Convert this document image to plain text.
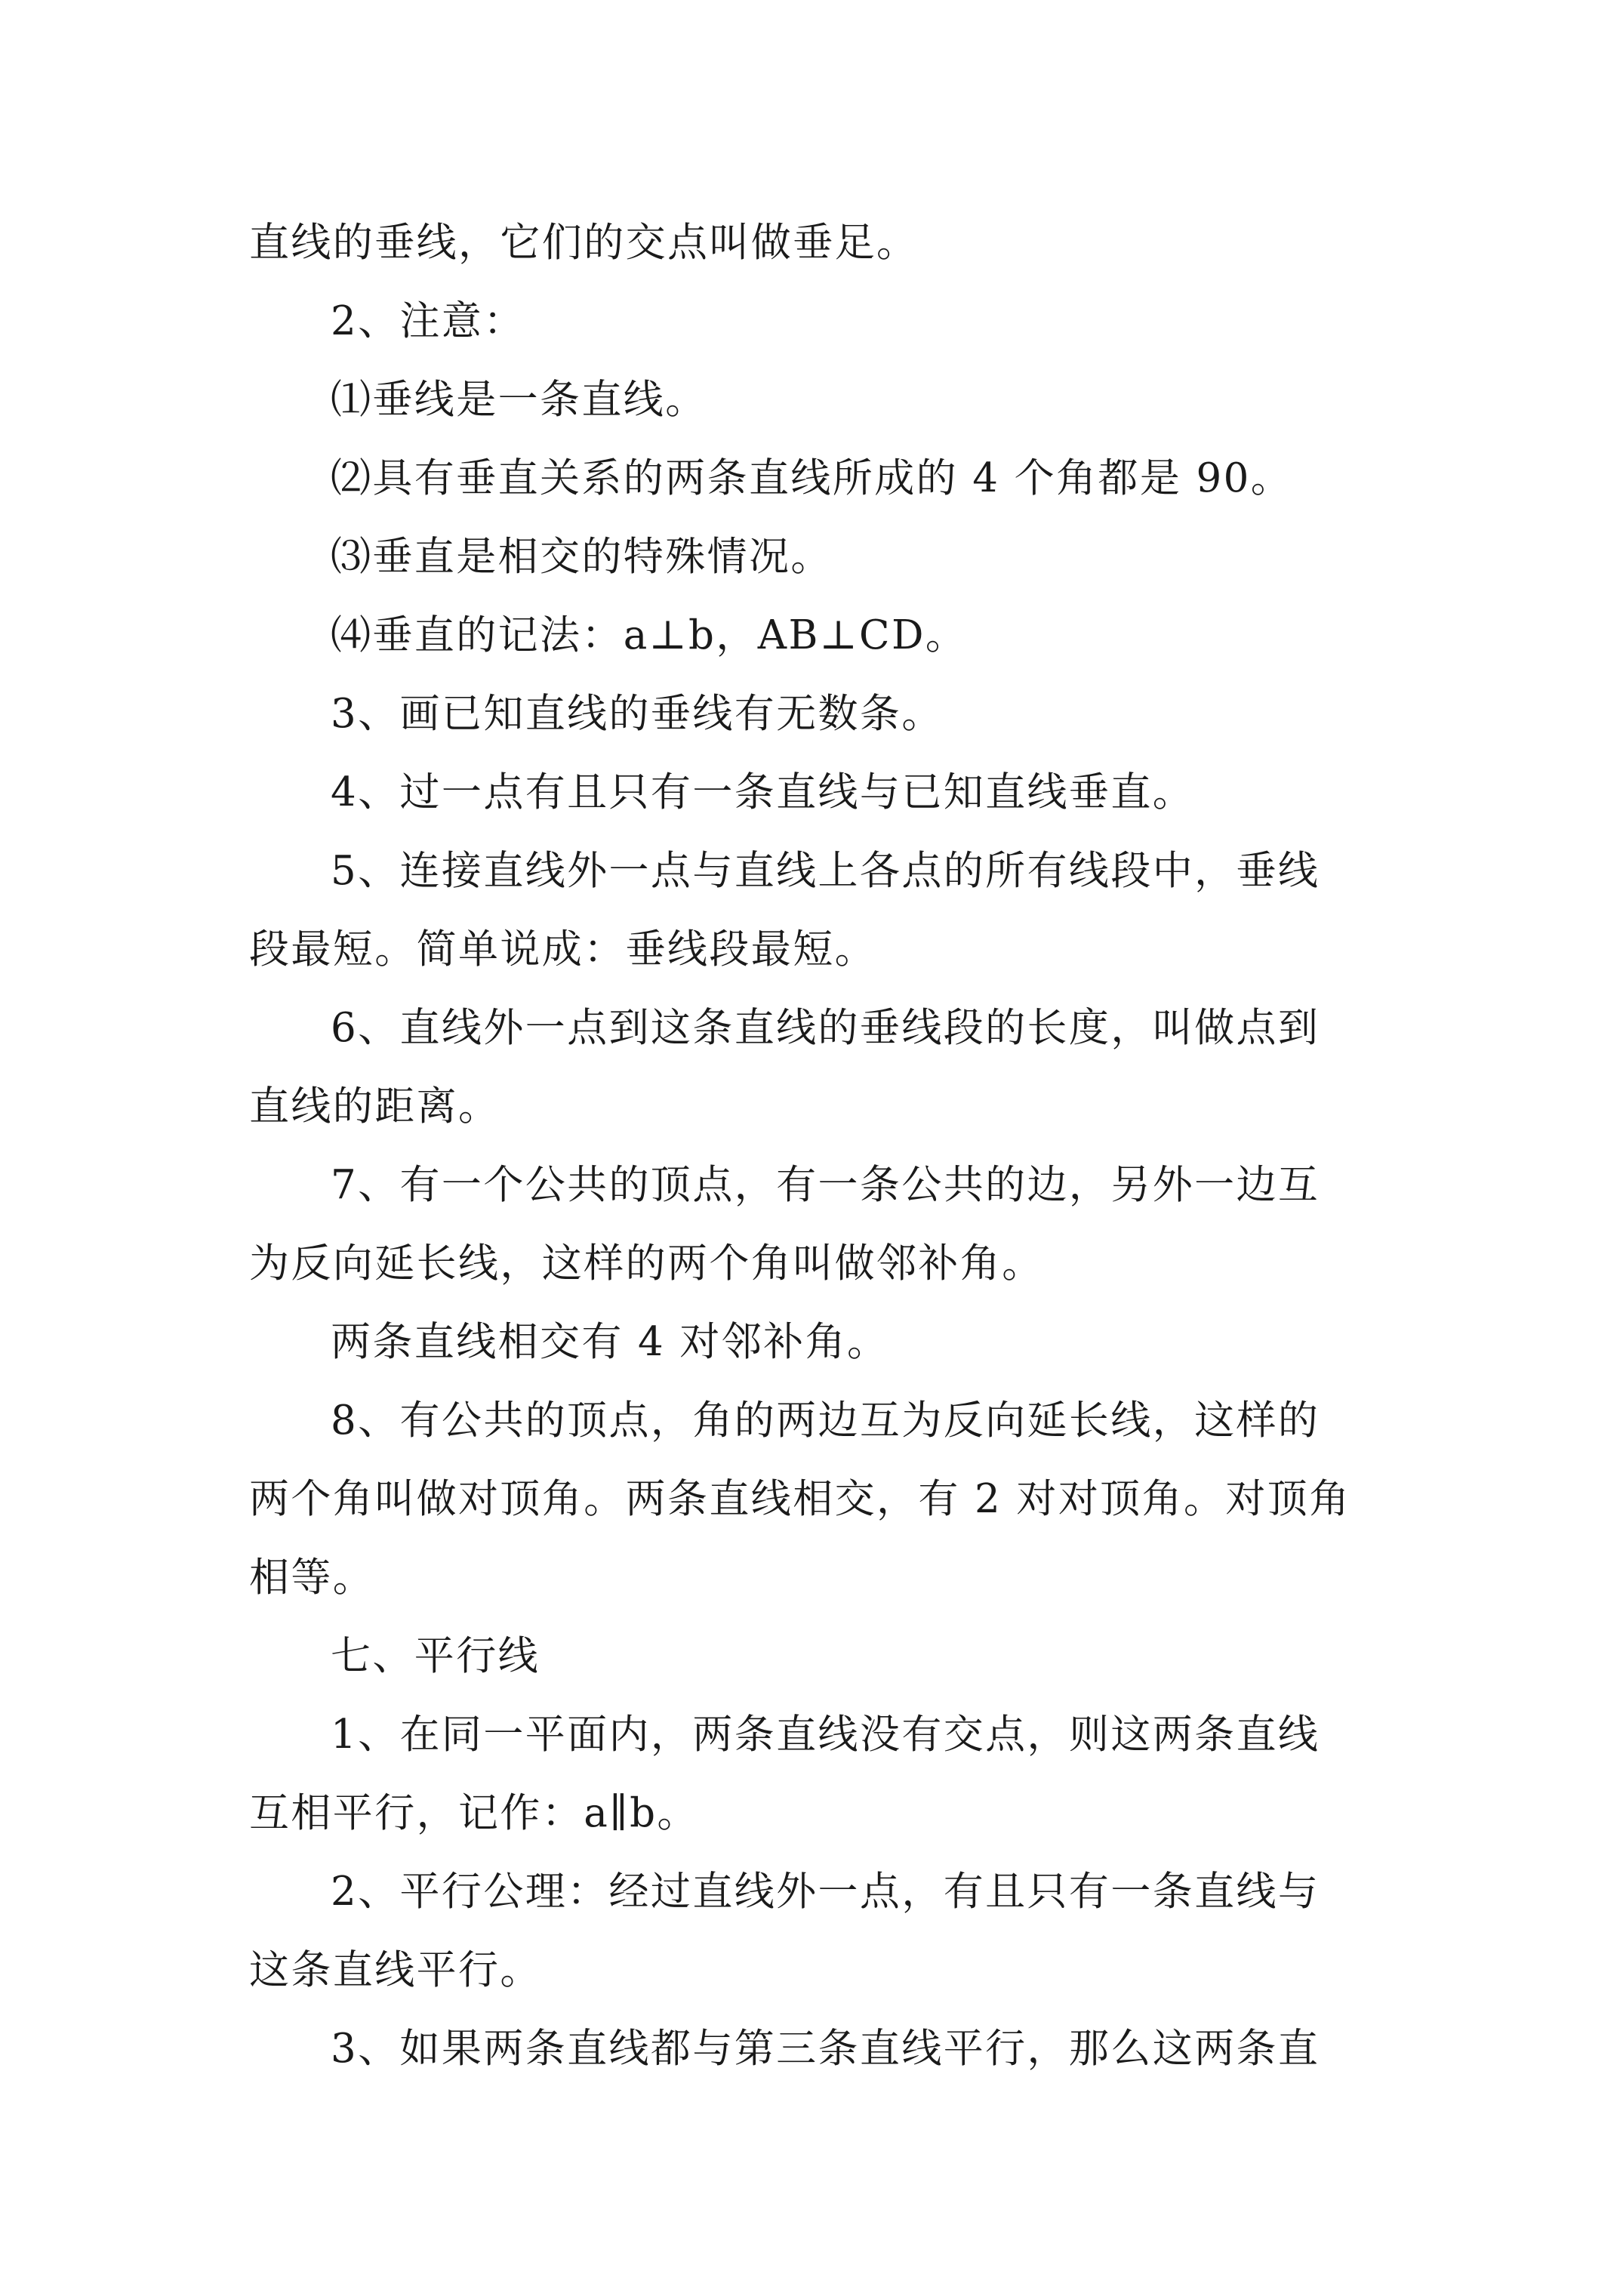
直线的垂线，它们的交点叫做垂足。
2、注意：
⑴垂线是一条直线。
⑵具有垂直关系的两条直线所成的 4 个角都是 90。
⑶垂直是相交的特殊情况。
⑷垂直的记法：a⊥b，AB⊥CD。
3、画已知直线的垂线有无数条。
4、过一点有且只有一条直线与已知直线垂直。
5、连接直线外一点与直线上各点的所有线段中，垂线
段最短。简单说成：垂线段最短。
6、直线外一点到这条直线的垂线段的长度，叫做点到
直线的距离。
7、有一个公共的顶点，有一条公共的边，另外一边互
为反向延长线，这样的两个角叫做邻补角。
两条直线相交有 4 对邻补角。
8、有公共的顶点，角的两边互为反向延长线，这样的
两个角叫做对顶角。两条直线相交，有 2 对对顶角。对顶角
相等。
七、平行线
1、在同一平面内，两条直线没有交点，则这两条直线
互相平行，记作：a∥b。
2、平行公理：经过直线外一点，有且只有一条直线与
这条直线平行。
3、如果两条直线都与第三条直线平行，那么这两条直
